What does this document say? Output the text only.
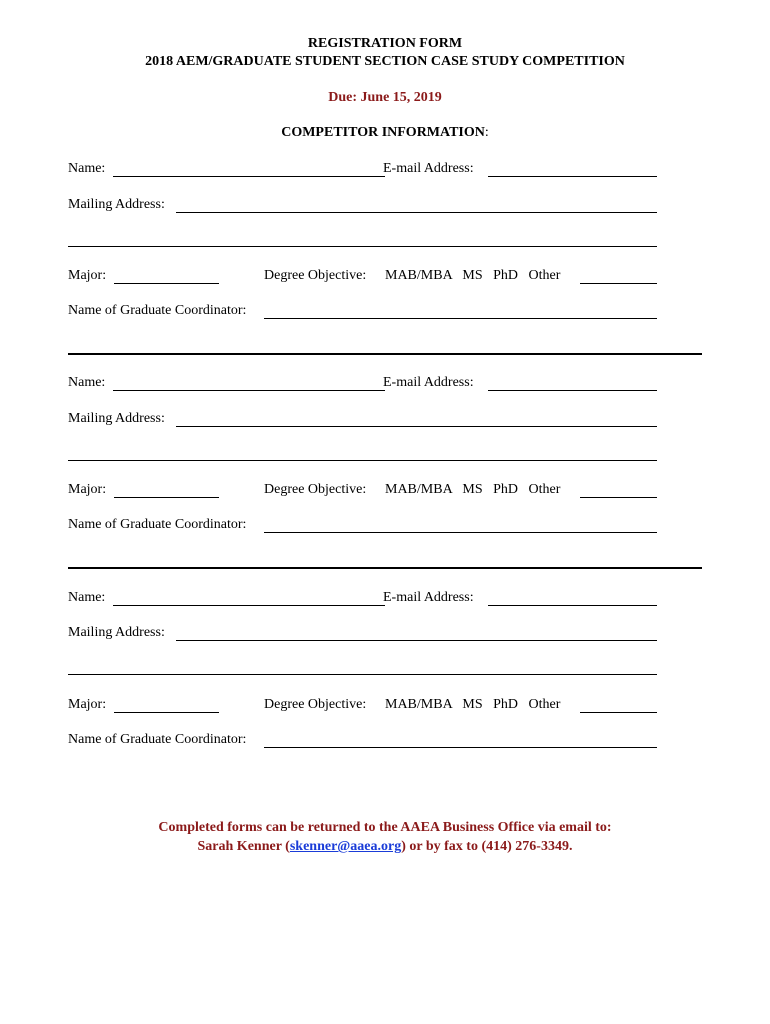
REGISTRATION FORM
2018 AEM/GRADUATE STUDENT SECTION CASE STUDY COMPETITION
Due: June 15, 2019
COMPETITOR INFORMATION:
Name:	E-mail Address:
Mailing Address:
Major:	Degree Objective: MAB/MBA   MS   PhD   Other
Name of Graduate Coordinator:
Name:	E-mail Address:
Mailing Address:
Major:	Degree Objective: MAB/MBA   MS   PhD   Other
Name of Graduate Coordinator:
Name:	E-mail Address:
Mailing Address:
Major:	Degree Objective: MAB/MBA   MS   PhD   Other
Name of Graduate Coordinator:
Completed forms can be returned to the AAEA Business Office via email to:
Sarah Kenner (skenner@aaea.org) or by fax to (414) 276-3349.
